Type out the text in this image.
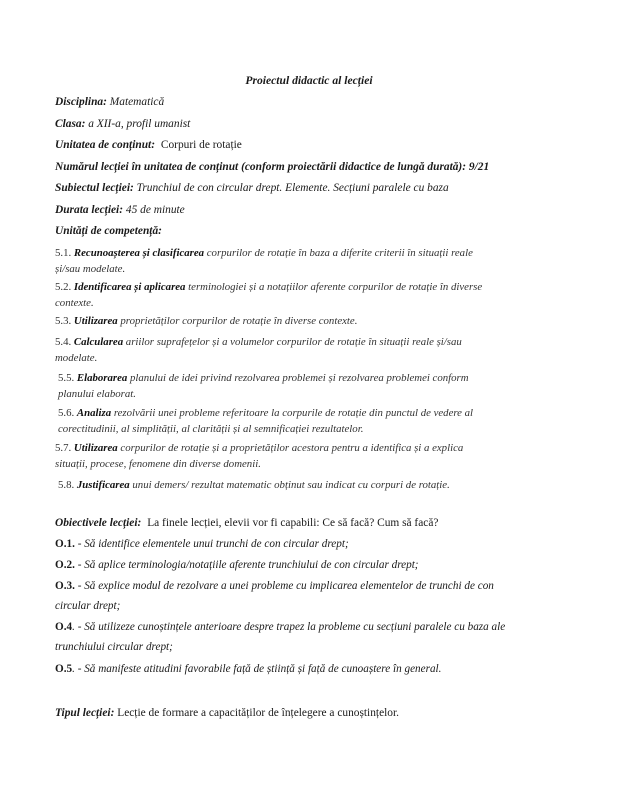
Proiectul didactic al lecției
Disciplina: Matematică
Clasa: a XII-a, profil umanist
Unitatea de conținut: Corpuri de rotație
Numărul lecției în unitatea de conținut (conform proiectării didactice de lungă durată): 9/21
Subiectul lecției: Trunchiul de con circular drept. Elemente. Secțiuni paralele cu baza
Durata lecției: 45 de minute
Unități de competență:
5.1. Recunoașterea și clasificarea corpurilor de rotație în baza a diferite criterii în situații reale
și/sau modelate.
5.2. Identificarea și aplicarea terminologiei și a notațiilor aferente corpurilor de rotație în diverse
contexte.
5.3. Utilizarea proprietăților corpurilor de rotație în diverse contexte.
5.4. Calcularea ariilor suprafețelor și a volumelor corpurilor de rotație în situații reale și/sau
modelate.
5.5. Elaborarea planului de idei privind rezolvarea problemei și rezolvarea problemei conform
planului elaborat.
5.6. Analiza rezolvării unei probleme referitoare la corpurile de rotație din punctul de vedere al
corectitudinii, al simplității, al clarității și al semnificației rezultatelor.
5.7. Utilizarea corpurilor de rotație și a proprietăților acestora pentru a identifica și a explica
situații, procese, fenomene din diverse domenii.
5.8. Justificarea unui demers/ rezultat matematic obținut sau indicat cu corpuri de rotație.
Obiectivele lecției: La finele lecției, elevii vor fi capabili: Ce să facă? Cum să facă?
O.1. - Să identifice elementele unui trunchi de con circular drept;
O.2. - Să aplice terminologia/notațiile aferente trunchiului de con circular drept;
O.3. - Să explice modul de rezolvare a unei probleme cu implicarea elementelor de trunchi de con
circular drept;
O.4. - Să utilizeze cunoștințele anterioare despre trapez la probleme cu secțiuni paralele cu baza ale
trunchiului circular drept;
O.5. - Să manifeste atitudini favorabile față de știință și față de cunoaștere în general.
Tipul lecției: Lecție de formare a capacităților de înțelegere a cunoștințelor.
